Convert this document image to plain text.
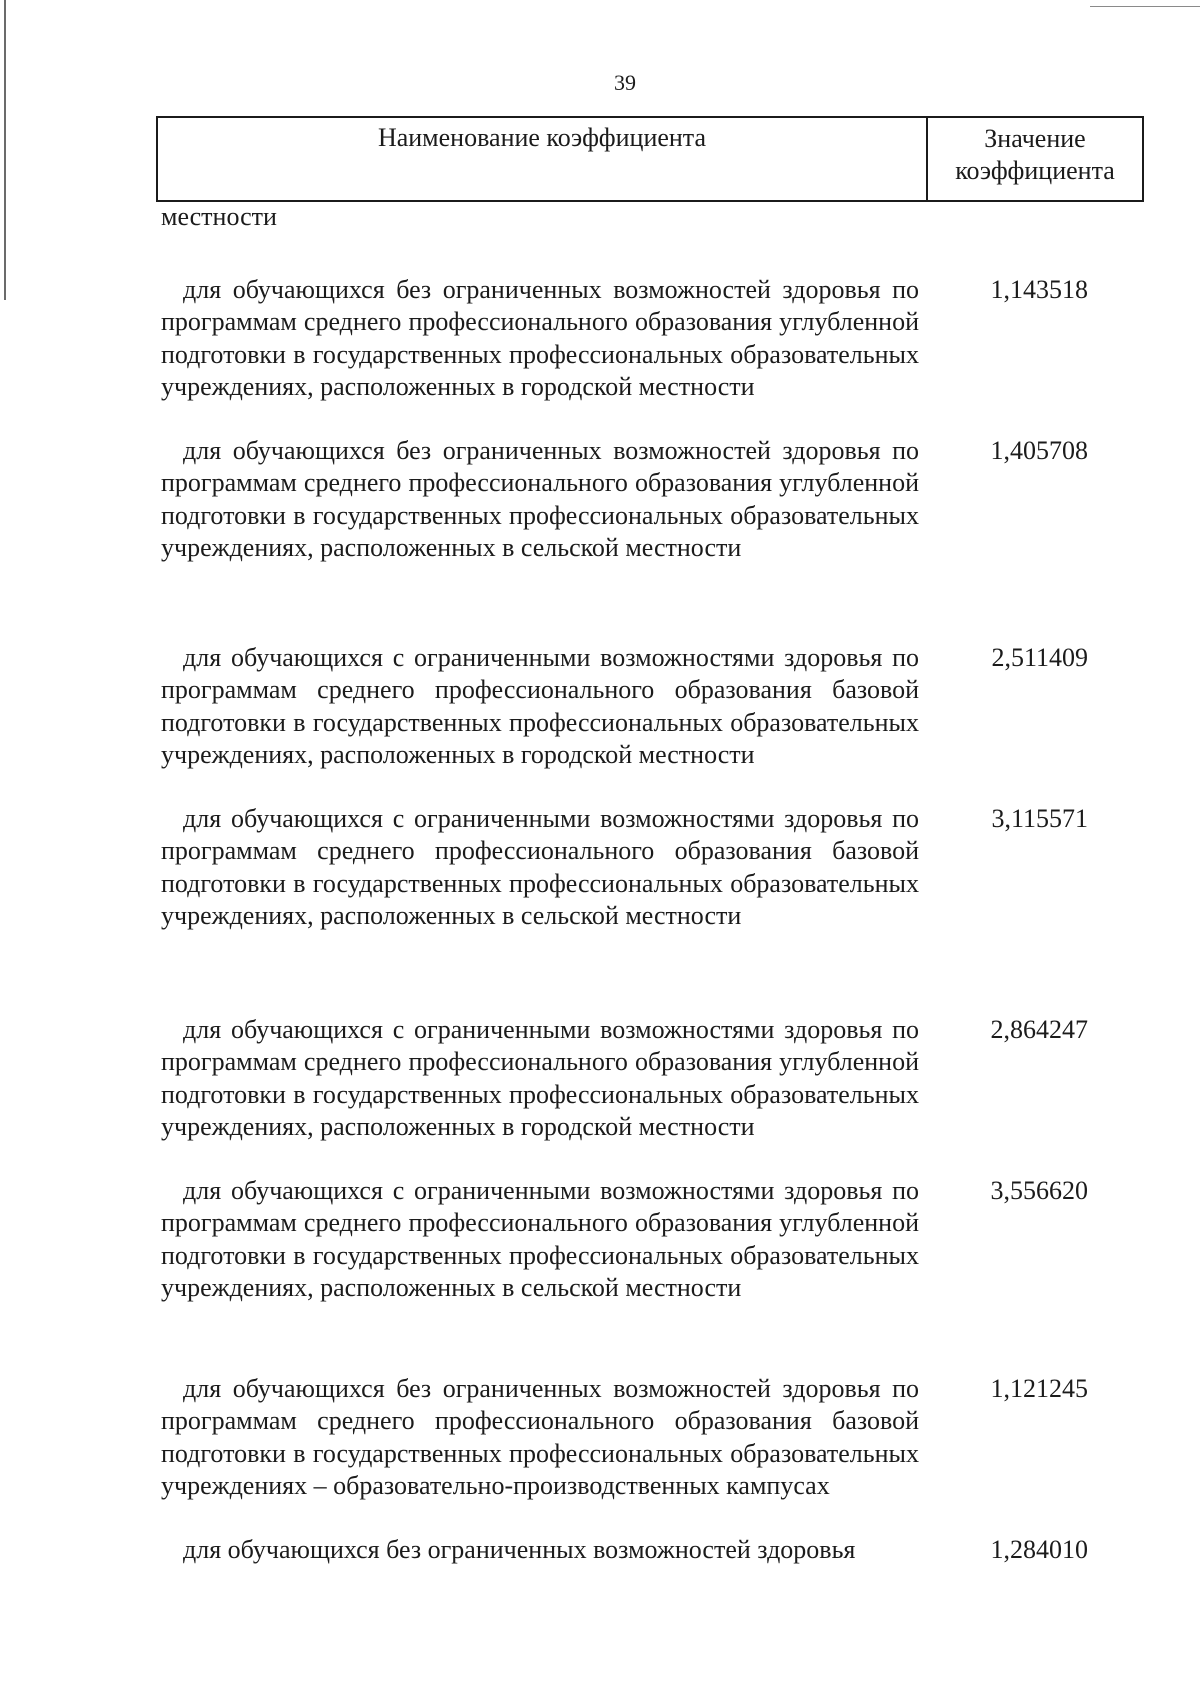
39
Наименование коэффициента	Значение
коэффициента
местности
для обучающихся без ограниченных возможностей здоровья по программам среднего профессионального образования углубленной подготовки в государственных профессиональных образовательных учреждениях, расположенных в городской местности
1,143518
для обучающихся без ограниченных возможностей здоровья по программам среднего профессионального образования углубленной подготовки в государственных профессиональных образовательных учреждениях, расположенных в сельской местности
1,405708
для обучающихся с ограниченными возможностями здоровья по программам среднего профессионального образования базовой подготовки в государственных профессиональных образовательных учреждениях, расположенных в городской местности
2,511409
для обучающихся с ограниченными возможностями здоровья по программам среднего профессионального образования базовой подготовки в государственных профессиональных образовательных учреждениях, расположенных в сельской местности
3,115571
для обучающихся с ограниченными возможностями здоровья по программам среднего профессионального образования углубленной подготовки в государственных профессиональных образовательных учреждениях, расположенных в городской местности
2,864247
для обучающихся с ограниченными возможностями здоровья по программам среднего профессионального образования углубленной подготовки в государственных профессиональных образовательных учреждениях, расположенных в сельской местности
3,556620
для обучающихся без ограниченных возможностей здоровья по программам среднего профессионального образования базовой подготовки в государственных профессиональных образовательных учреждениях – образовательно-производственных кампусах
1,121245
для обучающихся без ограниченных возможностей здоровья	1,284010
